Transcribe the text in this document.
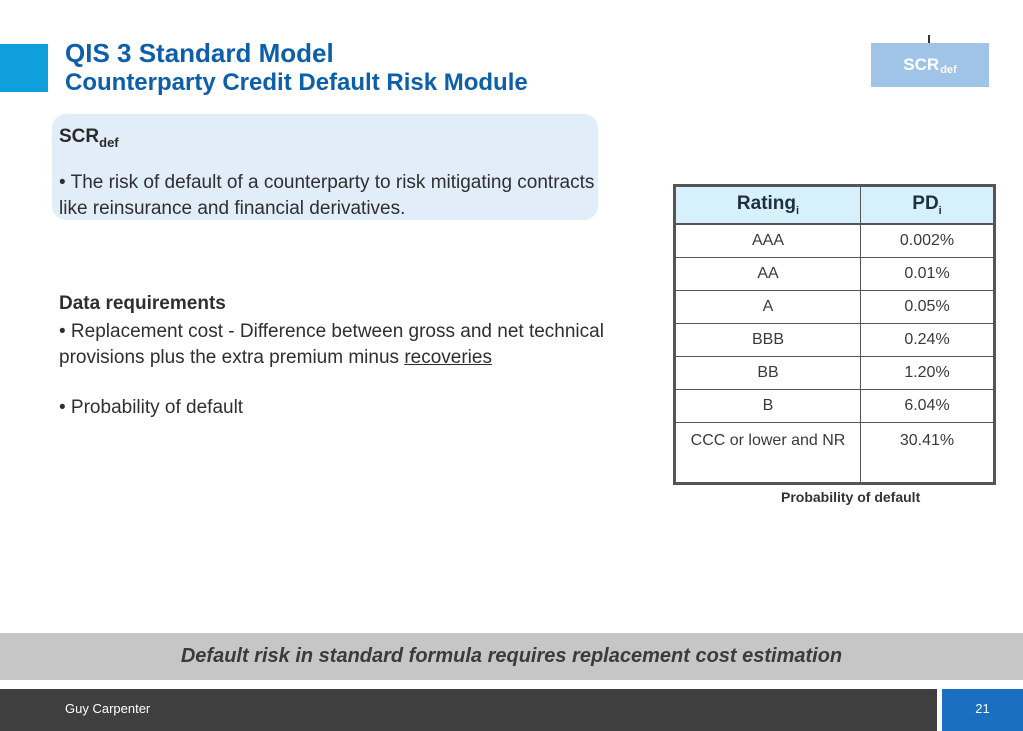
QIS 3 Standard Model
Counterparty Credit Default Risk Module
SCR def
$SCR_{def}$

• The risk of default of a counterparty to risk mitigating contracts like reinsurance and financial derivatives.

Data requirements

• Replacement cost - Difference between gross and net technical provisions plus the extra premium minus recoveries

• Probability of default
Rating$_i$	$PD_i$
AAA	0.002%
AA	0.01%
A	0.05%
BBB	0.24%
BB	1.20%
B	6.04%
CCC or lower and NR	30.41%
Probability of default
Default risk in standard formula requires replacement cost estimation
Guy Carpenter	21
